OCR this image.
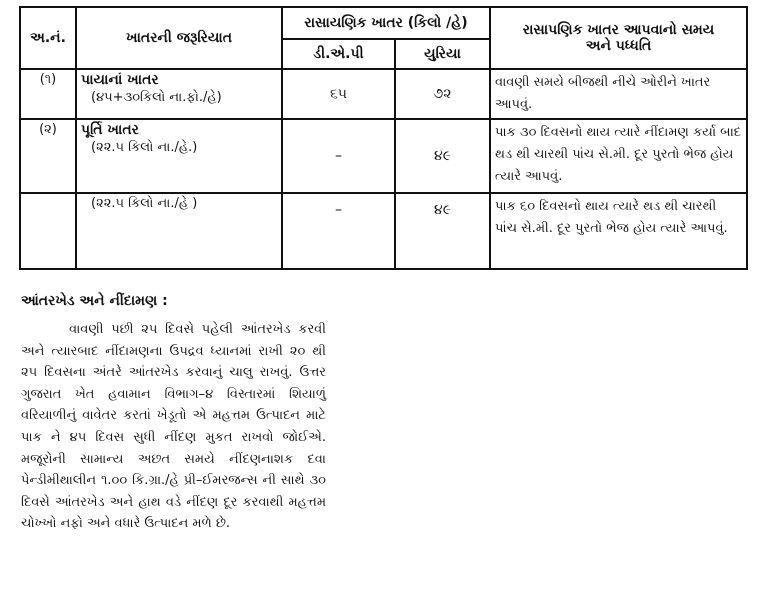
અ.નં.	ખાતરની જરૂરિયાત	રાસાયણિક ખાતર (કિલો /હે)		રાસાપણિક ખાતર આપવાનો સમય
અને પધ્ધતિ
		ડી.એ.પી	યુરિયા	
(૧)	પાયાનાં ખાતર
(૪૫+૩૦કિલો ના.ફો./હે)	૬૫	૭૨	વાવણી સમયે બીજથી નીચે ઓરીને ખાતર આપવું.
(૨)	પૂર્તિ ખાતર
(૨૨.૫ કિલો ના./હે.)	–	૪૯	પાક ૩૦ દિવસનો થાય ત્યારે નીંદામણ કર્યા બાદ થડ થી ચારથી પાંચ સે.મી. દૂર પુરતો ભેજ હોય ત્યારે આપવું.

	(૨૨.૫ કિલો ના./હે )	–	૪૯	પાક ૬૦ દિવસનો થાય ત્યારે થડ થી ચારથી પાંચ સે.મી. દૂર પુરતો ભેજ હોય ત્યારે આપવું.
આંતરખેડ અને નીંદામણ :
વાવણી પછી ૨૫ દિવસે પહેલી આંતરખેડ કરવી અને ત્યારબાદ નીંદામણના ઉપદ્રવ ધ્યાનમાં રાખી ૨૦ થી ૨૫ દિવસના અંતરે આંતરખેડ કરવાનું ચાલુ રાખવું. ઉત્તર ગુજરાત ખેત હવામાન વિભાગ–૪ વિસ્તારમાં શિયાળું વરિયાળીનું વાવેતર કરતાં ખેડૂતો એ મહત્તમ ઉત્પાદન માટે પાક ને ૪૫ દિવસ સુધી નીંદણ મુકત રાખવો જોઈએ. મજૂરોની સામાન્ય અછત સમયે નીંદણનાશક દવા પેન્ડીમીથાલીન ૧.૦૦ કિ.ગ્રા./હે પ્રી–ઈમરજન્સ ની સાથે ૩૦ દિવસે આંતરખેડ અને હાથ વડે નીંદણ દૂર કરવાથી મહત્તમ ચોખ્ખો નફો અને વધારે ઉત્પાદન મળે છે.
